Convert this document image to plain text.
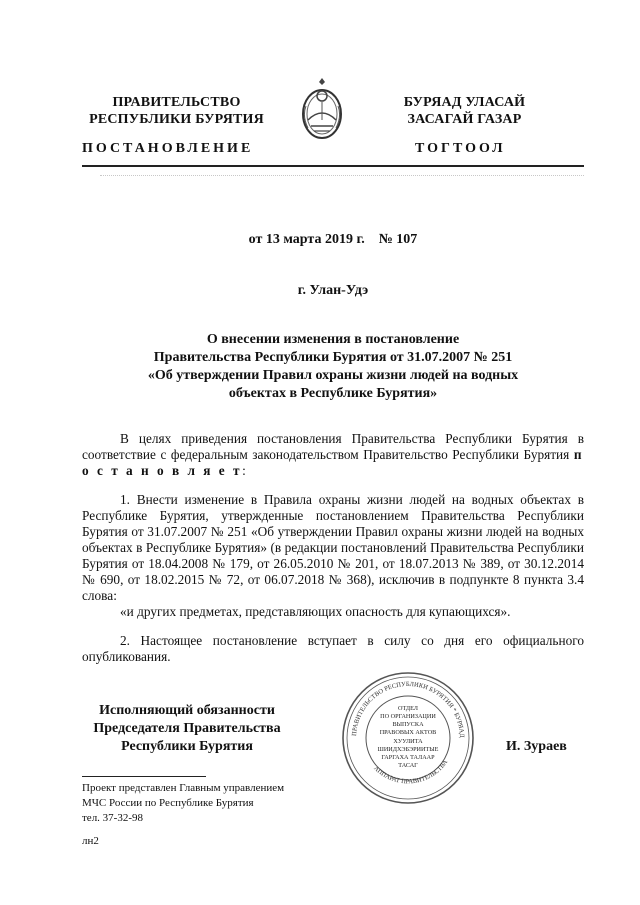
ПРАВИТЕЛЬСТВО
РЕСПУБЛИКИ БУРЯТИЯ
ПОСТАНОВЛЕНИЕ
БУРЯАД УЛАСАЙ
ЗАСАГАЙ ГАЗАР
ТОГТООЛ
от 13 марта 2019 г.    № 107
г. Улан-Удэ
О внесении изменения в постановление
Правительства Республики Бурятия от 31.07.2007 № 251
«Об утверждении Правил охраны жизни людей на водных
объектах в Республике Бурятия»

В целях приведения постановления Правительства Республики Бурятия в соответствие с федеральным законодательством Правительство Республики Бурятия п о с т а н о в л я е т:

1. Внести изменение в Правила охраны жизни людей на водных объектах в Республике Бурятия, утвержденные постановлением Правительства Республики Бурятия от 31.07.2007 № 251 «Об утверждении Правил охраны жизни людей на водных объектах в Республике Бурятия» (в редакции постановлений Правительства Республики Бурятия от 18.04.2008 № 179, от 26.05.2010 № 201, от 18.07.2013 № 389, от 30.12.2014 № 690, от 18.02.2015 № 72, от 06.07.2018 № 368), исключив в подпункте 8 пункта 3.4 слова:

«и других предметах, представляющих опасность для купающихся».

2. Настоящее постановление вступает в силу со дня его официального опубликования.

Исполняющий обязанности
Председателя Правительства
Республики Бурятия	И. Зураев
ПРАВИТЕЛЬСТВО РЕСПУБЛИКИ БУРЯТИЯ * БУРЯАД
АППАРАТ ПРАВИТЕЛЬСТВА
ОТДЕЛ
ПО ОРГАНИЗАЦИИ
ВЫПУСКА
ПРАВОВЫХ АКТОВ
ХУУЛИТА
ШИИДХЭБЭРИИТЫЕ
ГАРГАХА ТАЛААР
ТАСАГ
Проект представлен Главным управлением
МЧС России по Республике Бурятия
тел. 37-32-98
лн2
